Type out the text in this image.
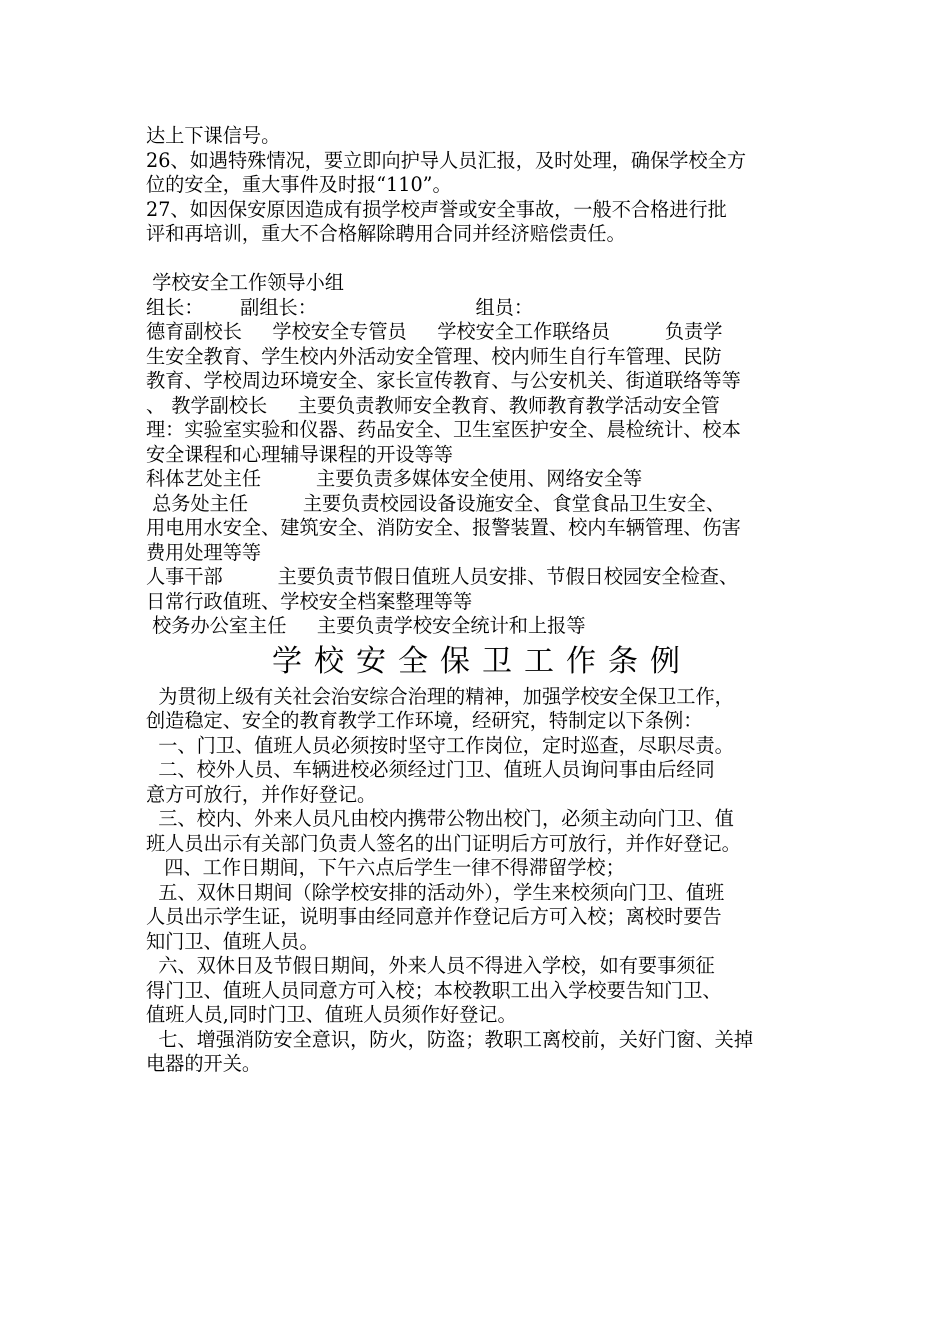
达上下课信号。
26、如遇特殊情况，要立即向护导人员汇报，及时处理，确保学校全方
位的安全，重大事件及时报“110”。
27、如因保安原因造成有损学校声誉或安全事故，一般不合格进行批
评和再培训，重大不合格解除聘用合同并经济赔偿责任。
学校安全工作领导小组
组长：      副组长：                          组员：
德育副校长     学校安全专管员     学校安全工作联络员         负责学
生安全教育、学生校内外活动安全管理、校内师生自行车管理、民防
教育、学校周边环境安全、家长宣传教育、与公安机关、街道联络等等
、 教学副校长     主要负责教师安全教育、教师教育教学活动安全管
理：实验室实验和仪器、药品安全、卫生室医护安全、晨检统计、校本
安全课程和心理辅导课程的开设等等
科体艺处主任         主要负责多媒体安全使用、网络安全等
总务处主任         主要负责校园设备设施安全、食堂食品卫生安全、
用电用水安全、建筑安全、消防安全、报警装置、校内车辆管理、伤害
费用处理等等
人事干部         主要负责节假日值班人员安排、节假日校园安全检查、
日常行政值班、学校安全档案整理等等
校务办公室主任     主要负责学校安全统计和上报等
学校安全保卫工作条例
为贯彻上级有关社会治安综合治理的精神，加强学校安全保卫工作，
创造稳定、安全的教育教学工作环境，经研究，特制定以下条例：
一、门卫、值班人员必须按时坚守工作岗位，定时巡查，尽职尽责。
二、校外人员、车辆进校必须经过门卫、值班人员询问事由后经同
意方可放行，并作好登记。
三、校内、外来人员凡由校内携带公物出校门，必须主动向门卫、值
班人员出示有关部门负责人签名的出门证明后方可放行，并作好登记。
四、工作日期间，下午六点后学生一律不得滞留学校；
五、双休日期间（除学校安排的活动外），学生来校须向门卫、值班
人员出示学生证，说明事由经同意并作登记后方可入校；离校时要告
知门卫、值班人员。
六、双休日及节假日期间，外来人员不得进入学校，如有要事须征
得门卫、值班人员同意方可入校；本校教职工出入学校要告知门卫、
值班人员,同时门卫、值班人员须作好登记。
七、增强消防安全意识，防火，防盗；教职工离校前，关好门窗、关掉
电器的开关。
